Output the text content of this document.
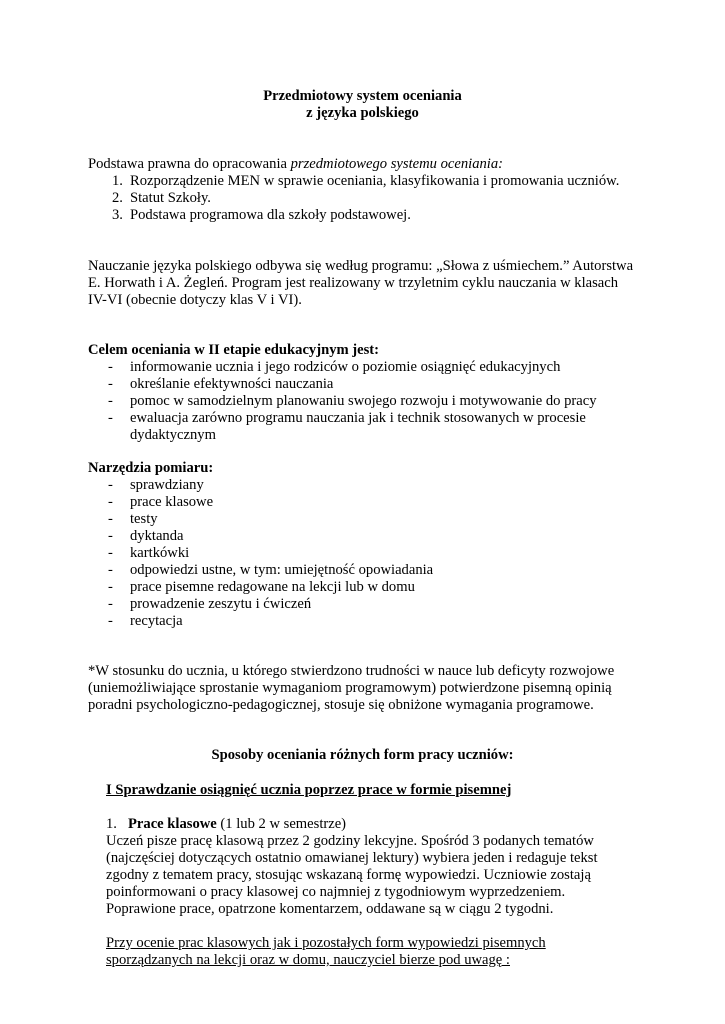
Przedmiotowy system oceniania
z języka polskiego
Podstawa prawna do opracowania przedmiotowego systemu oceniania:
1. Rozporządzenie MEN w sprawie oceniania, klasyfikowania i promowania uczniów.
2. Statut Szkoły.
3. Podstawa programowa dla szkoły podstawowej.
Nauczanie języka polskiego odbywa się według programu: „Słowa z uśmiechem.” Autorstwa
E. Horwath i A. Żegleń. Program jest realizowany w trzyletnim cyklu nauczania w klasach
IV-VI (obecnie dotyczy klas V i VI).
Celem oceniania w II etapie edukacyjnym jest:
- informowanie ucznia i jego rodziców o poziomie osiągnięć edukacyjnych
- określanie efektywności nauczania
- pomoc w samodzielnym planowaniu swojego rozwoju i motywowanie do pracy
- ewaluacja zarówno programu nauczania jak i technik stosowanych w procesie
dydaktycznym
Narzędzia pomiaru:
- sprawdziany
- prace klasowe
- testy
- dyktanda
- kartkówki
- odpowiedzi ustne, w tym: umiejętność opowiadania
- prace pisemne redagowane na lekcji lub w domu
- prowadzenie zeszytu i ćwiczeń
- recytacja
*W stosunku do ucznia, u którego stwierdzono trudności w nauce lub deficyty rozwojowe
(uniemożliwiające sprostanie wymaganiom programowym) potwierdzone pisemną opinią
poradni psychologiczno-pedagogicznej, stosuje się obniżone wymagania programowe.
Sposoby oceniania różnych form pracy uczniów:
I Sprawdzanie osiągnięć ucznia poprzez prace w formie pisemnej
1. Prace klasowe (1 lub 2 w semestrze)
Uczeń pisze pracę klasową przez 2 godziny lekcyjne. Spośród 3 podanych tematów
(najczęściej dotyczących ostatnio omawianej lektury) wybiera jeden i redaguje tekst
zgodny z tematem pracy, stosując wskazaną formę wypowiedzi. Uczniowie zostają
poinformowani o pracy klasowej co najmniej z tygodniowym wyprzedzeniem.
Poprawione prace, opatrzone komentarzem, oddawane są w ciągu 2 tygodni.
Przy ocenie prac klasowych jak i pozostałych form wypowiedzi pisemnych
sporządzanych na lekcji oraz w domu, nauczyciel bierze pod uwagę :
